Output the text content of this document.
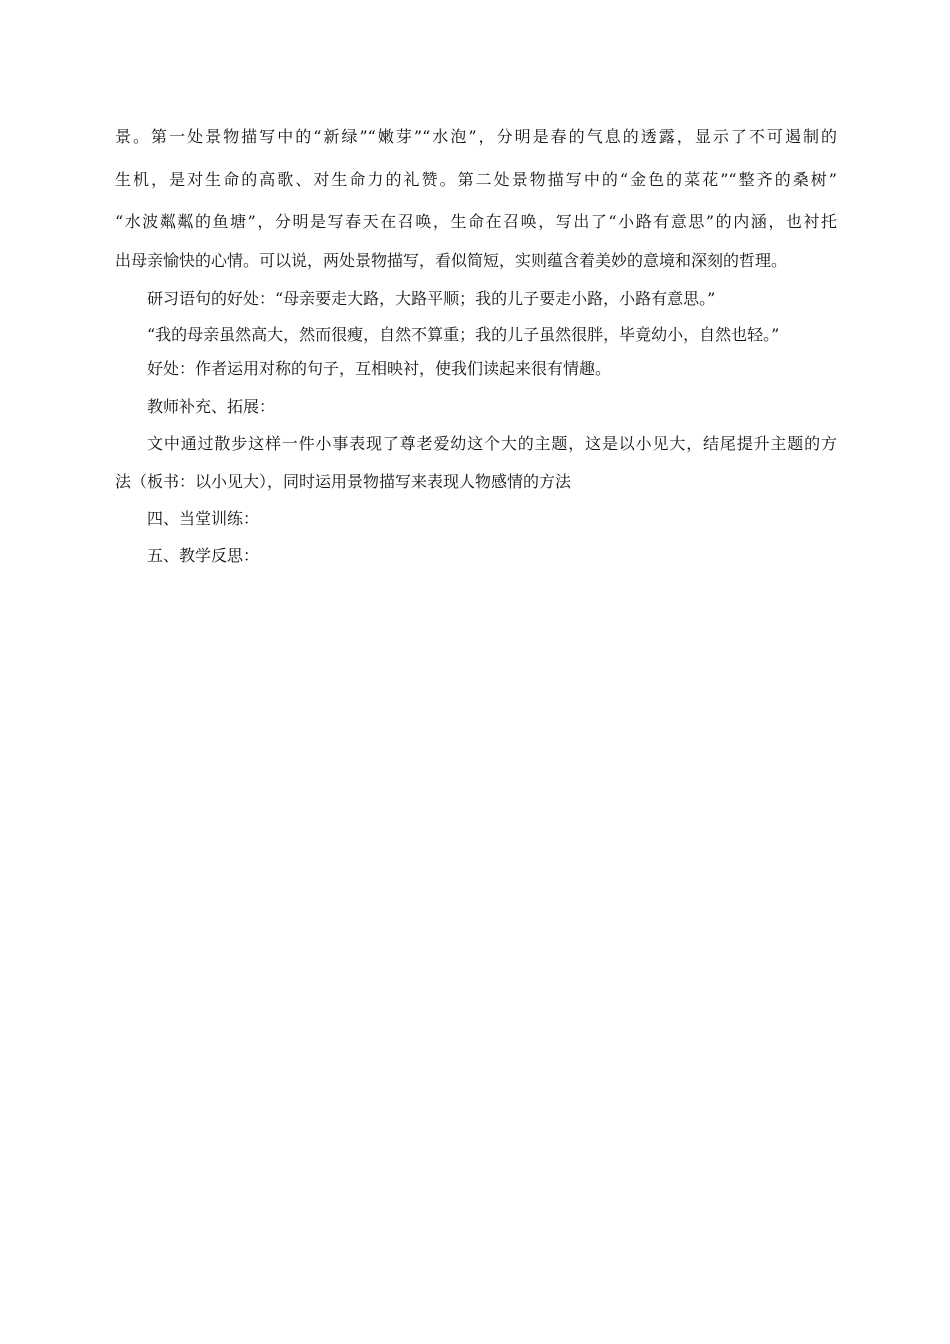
景。第一处景物描写中的“新绿”“嫩芽”“水泡”，分明是春的气息的透露，显示了不可遏制的
生机，是对生命的高歌、对生命力的礼赞。第二处景物描写中的“金色的菜花”“整齐的桑树”
“水波粼粼的鱼塘”，分明是写春天在召唤，生命在召唤，写出了“小路有意思”的内涵，也衬托
出母亲愉快的心情。可以说，两处景物描写，看似简短，实则蕴含着美妙的意境和深刻的哲理。
研习语句的好处：“母亲要走大路，大路平顺；我的儿子要走小路，小路有意思。”
“我的母亲虽然高大，然而很瘦，自然不算重；我的儿子虽然很胖，毕竟幼小，自然也轻。”
好处：作者运用对称的句子，互相映衬，使我们读起来很有情趣。
教师补充、拓展：
文中通过散步这样一件小事表现了尊老爱幼这个大的主题，这是以小见大，结尾提升主题的方
法（板书：以小见大），同时运用景物描写来表现人物感情的方法
四、当堂训练：
五、教学反思：
